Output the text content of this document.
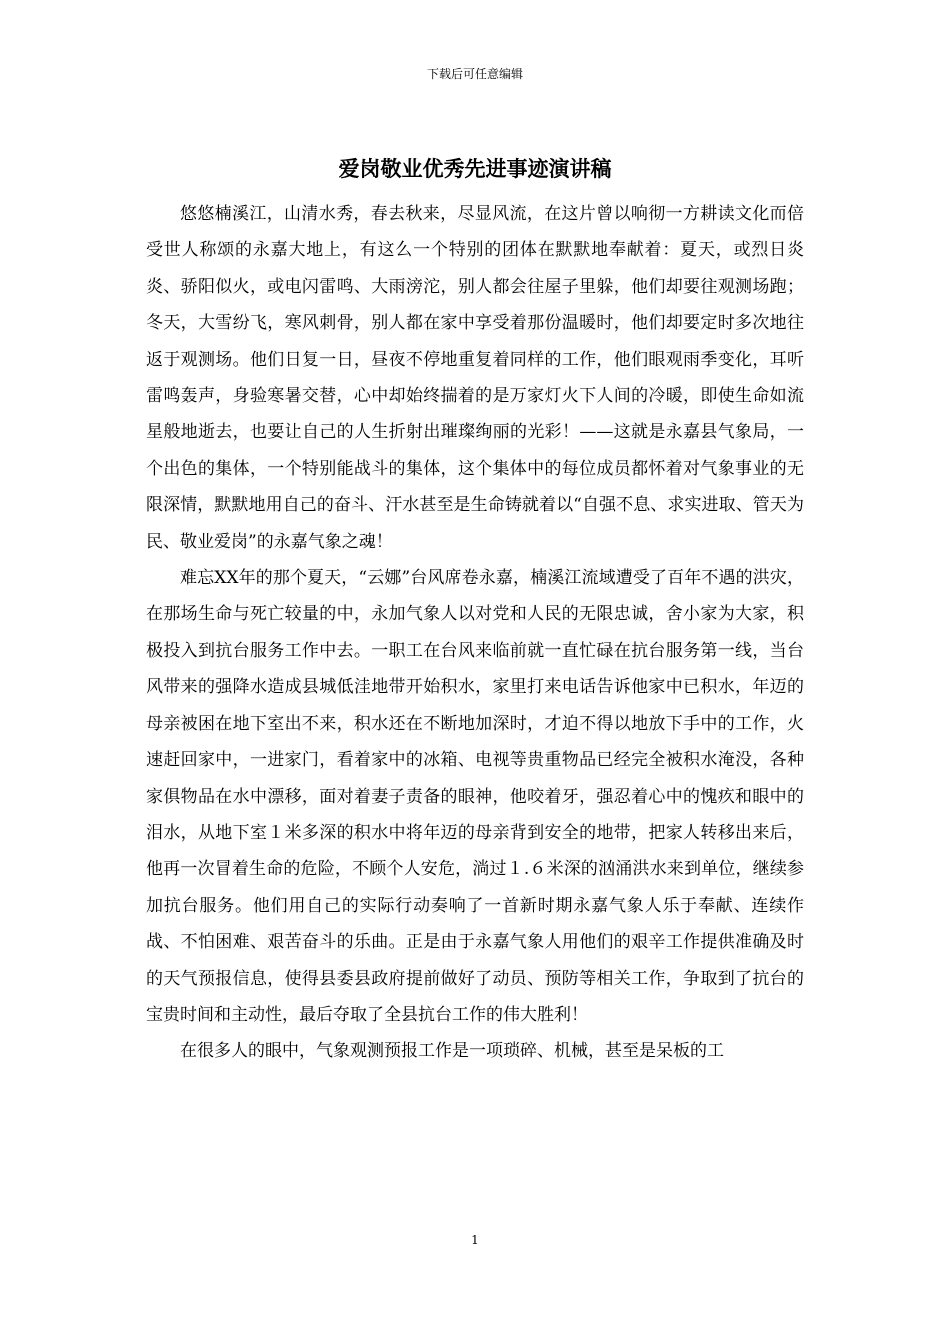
下载后可任意编辑
爱岗敬业优秀先进事迹演讲稿

悠悠楠溪江，山清水秀，春去秋来，尽显风流，在这片曾以响彻一方耕读文化而倍受世人称颂的永嘉大地上，有这么一个特别的团体在默默地奉献着：夏天，或烈日炎炎、骄阳似火，或电闪雷鸣、大雨滂沱，别人都会往屋子里躲，他们却要往观测场跑；冬天，大雪纷飞，寒风刺骨，别人都在家中享受着那份温暖时，他们却要定时多次地往返于观测场。他们日复一日，昼夜不停地重复着同样的工作，他们眼观雨季变化，耳听雷鸣轰声，身验寒暑交替，心中却始终揣着的是万家灯火下人间的冷暖，即使生命如流星般地逝去，也要让自己的人生折射出璀璨绚丽的光彩！——这就是永嘉县气象局，一个出色的集体，一个特别能战斗的集体，这个集体中的每位成员都怀着对气象事业的无限深情，默默地用自己的奋斗、汗水甚至是生命铸就着以“自强不息、求实进取、管天为民、敬业爱岗”的永嘉气象之魂！

难忘XX年的那个夏天，“云娜”台风席卷永嘉，楠溪江流域遭受了百年不遇的洪灾，在那场生命与死亡较量的中，永加气象人以对党和人民的无限忠诚，舍小家为大家，积极投入到抗台服务工作中去。一职工在台风来临前就一直忙碌在抗台服务第一线，当台风带来的强降水造成县城低洼地带开始积水，家里打来电话告诉他家中已积水，年迈的母亲被困在地下室出不来，积水还在不断地加深时，才迫不得以地放下手中的工作，火速赶回家中，一进家门，看着家中的冰箱、电视等贵重物品已经完全被积水淹没，各种家俱物品在水中漂移，面对着妻子责备的眼神，他咬着牙，强忍着心中的愧疚和眼中的泪水，从地下室１米多深的积水中将年迈的母亲背到安全的地带，把家人转移出来后，他再一次冒着生命的危险，不顾个人安危，淌过１.６米深的汹涌洪水来到单位，继续参加抗台服务。他们用自己的实际行动奏响了一首新时期永嘉气象人乐于奉献、连续作战、不怕困难、艰苦奋斗的乐曲。正是由于永嘉气象人用他们的艰辛工作提供准确及时的天气预报信息，使得县委县政府提前做好了动员、预防等相关工作，争取到了抗台的宝贵时间和主动性，最后夺取了全县抗台工作的伟大胜利！

在很多人的眼中，气象观测预报工作是一项琐碎、机械，甚至是呆板的工

1
